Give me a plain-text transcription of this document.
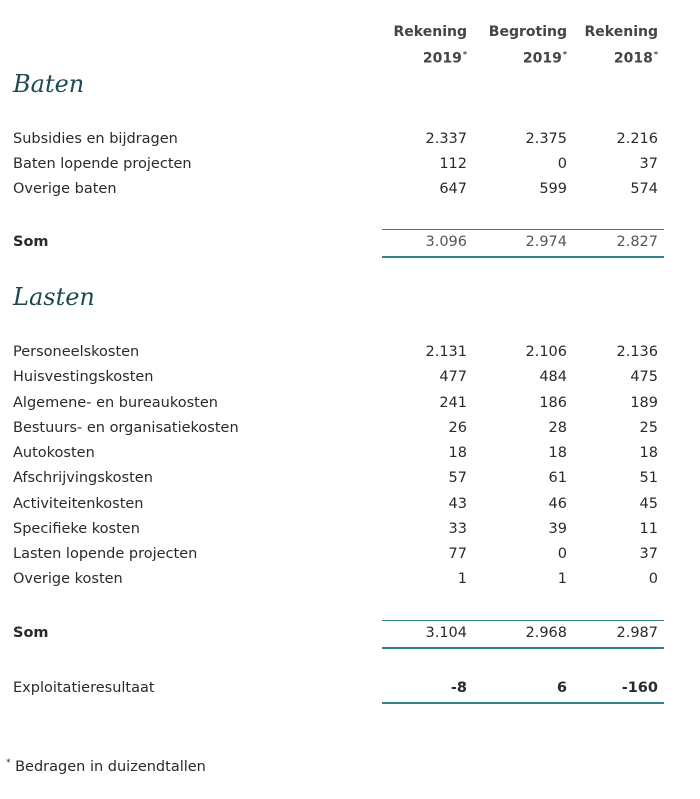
Rekening	Begroting	Rekening
2019*	2019*	2018*
Baten
Subsidies en bijdragen	2.337	2.375	2.216
Baten lopende projecten	112	0	37
Overige baten	647	599	574
Som	3.096	2.974	2.827
Lasten
Personeelskosten	2.131	2.106	2.136
Huisvestingskosten	477	484	475
Algemene- en bureaukosten	241	186	189
Bestuurs- en organisatiekosten	26	28	25
Autokosten	18	18	18
Afschrijvingskosten	57	61	51
Activiteitenkosten	43	46	45
Specifieke kosten	33	39	11
Lasten lopende projecten	77	0	37
Overige kosten	1	1	0
Som	3.104	2.968	2.987
Exploitatieresultaat	-8	6	-160
* Bedragen in duizendtallen
